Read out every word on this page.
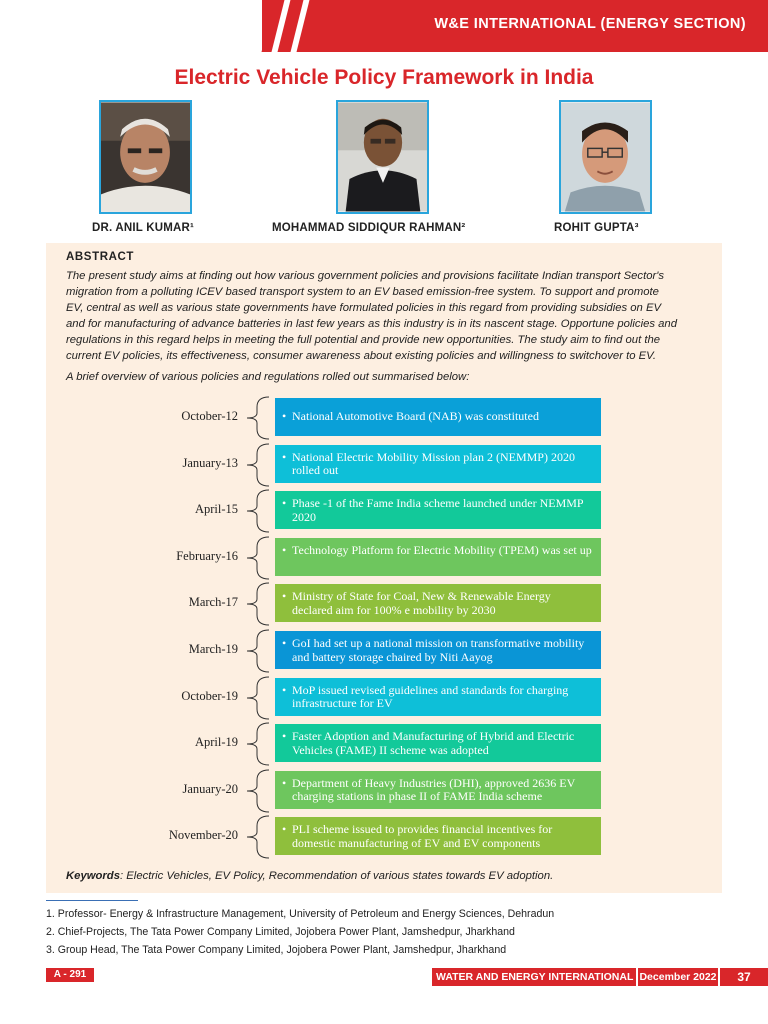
W&E INTERNATIONAL (ENERGY SECTION)
Electric Vehicle Policy Framework in India
DR. ANIL KUMAR¹	MOHAMMAD SIDDIQUR RAHMAN²	ROHIT GUPTA³
ABSTRACT
The present study aims at finding out how various government policies and provisions facilitate Indian transport Sector's
migration from a polluting ICEV based transport system to an EV based emission-free system. To support and promote
EV, central as well as various state governments have formulated policies in this regard from providing subsidies on EV
and for manufacturing of advance batteries in last few years as this industry is in its nascent stage. Opportune policies and
regulations in this regard helps in meeting the full potential and provide new opportunities. The study aim to find out the
current EV policies, its effectiveness, consumer awareness about existing policies and willingness to switchover to EV.
A brief overview of various policies and regulations rolled out summarised below:
October-12	• National Automotive Board (NAB) was constituted
January-13	• National Electric Mobility Mission plan 2 (NEMMP) 2020 rolled out
April-15	• Phase -1 of the Fame India scheme launched under NEMMP 2020
February-16	• Technology Platform for Electric Mobility (TPEM) was set up
March-17	• Ministry of State for Coal, New & Renewable Energy declared aim for 100% e mobility by 2030
March-19	• GoI had set up a national mission on transformative mobility and battery storage chaired by Niti Aayog
October-19	• MoP issued revised guidelines and standards for charging infrastructure for EV
April-19	• Faster Adoption and Manufacturing of Hybrid and Electric Vehicles (FAME) II scheme was adopted
January-20	• Department of Heavy Industries (DHI), approved 2636 EV charging stations in phase II of FAME India scheme
November-20	• PLI scheme issued to provides financial incentives for domestic manufacturing of EV and EV components
Keywords: Electric Vehicles, EV Policy, Recommendation of various states towards EV adoption.
1. Professor- Energy & Infrastructure Management, University of Petroleum and Energy Sciences, Dehradun
2. Chief-Projects, The Tata Power Company Limited, Jojobera Power Plant, Jamshedpur, Jharkhand
3. Group Head, The Tata Power Company Limited, Jojobera Power Plant, Jamshedpur, Jharkhand
A - 291	WATER AND ENERGY INTERNATIONAL December 2022	37
